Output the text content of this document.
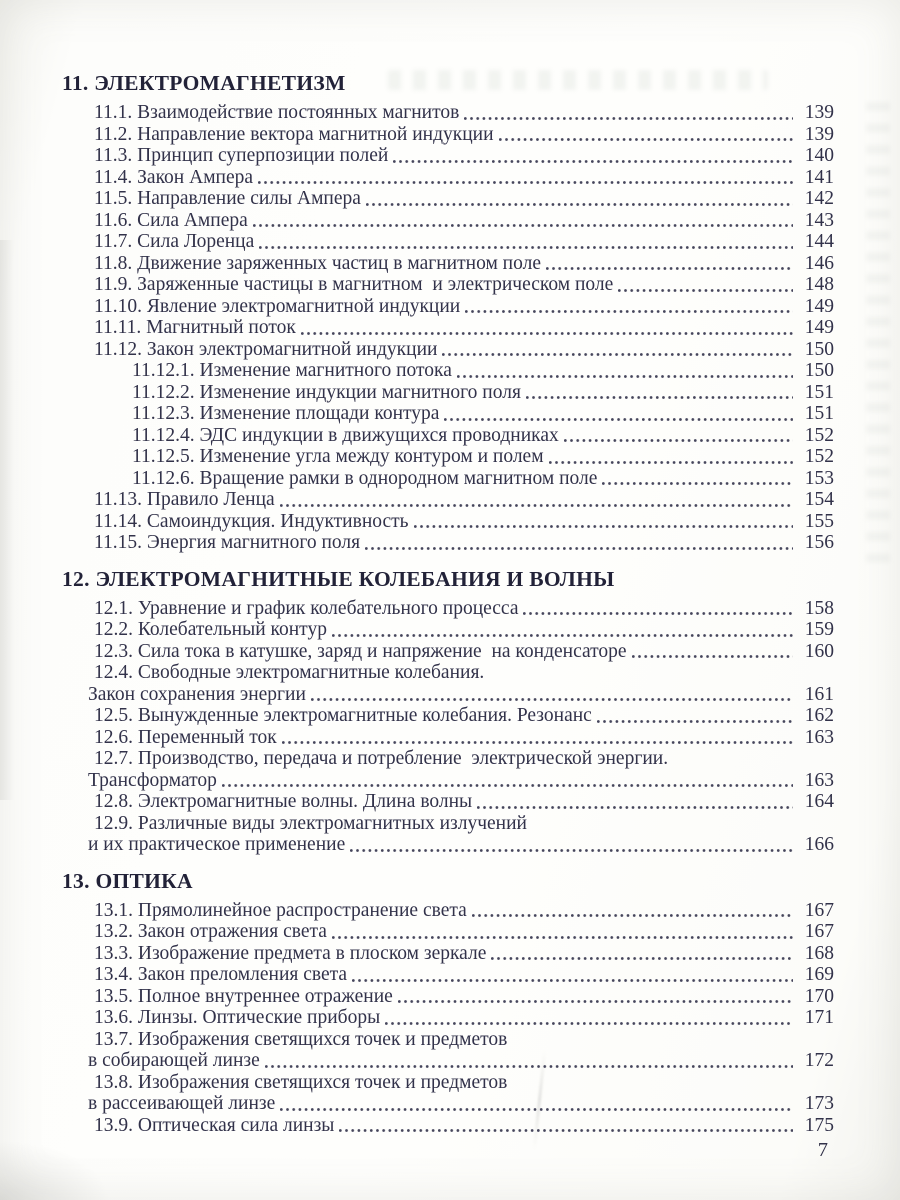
11. ЭЛЕКТРОМАГНЕТИЗМ
11.1. Взаимодействие постоянных магнитов	139
11.2. Направление вектора магнитной индукции	139
11.3. Принцип суперпозиции полей	140
11.4. Закон Ампера	141
11.5. Направление силы Ампера	142
11.6. Сила Ампера	143
11.7. Сила Лоренца	144
11.8. Движение заряженных частиц в магнитном поле	146
11.9. Заряженные частицы в магнитном  и электрическом поле	148
11.10. Явление электромагнитной индукции	149
11.11. Магнитный поток	149
11.12. Закон электромагнитной индукции	150
11.12.1. Изменение магнитного потока	150
11.12.2. Изменение индукции магнитного поля	151
11.12.3. Изменение площади контура	151
11.12.4. ЭДС индукции в движущихся проводниках	152
11.12.5. Изменение угла между контуром и полем	152
11.12.6. Вращение рамки в однородном магнитном поле	153
11.13. Правило Ленца	154
11.14. Самоиндукция. Индуктивность	155
11.15. Энергия магнитного поля	156
12. ЭЛЕКТРОМАГНИТНЫЕ КОЛЕБАНИЯ И ВОЛНЫ
12.1. Уравнение и график колебательного процесса	158
12.2. Колебательный контур	159
12.3. Сила тока в катушке, заряд и напряжение  на конденсаторе	160
12.4. Свободные электромагнитные колебания.
Закон сохранения энергии	161
12.5. Вынужденные электромагнитные колебания. Резонанс	162
12.6. Переменный ток	163
12.7. Производство, передача и потребление  электрической энергии.
Трансформатор	163
12.8. Электромагнитные волны. Длина волны	164
12.9. Различные виды электромагнитных излучений
и их практическое применение	166
13. ОПТИКА
13.1. Прямолинейное распространение света	167
13.2. Закон отражения света	167
13.3. Изображение предмета в плоском зеркале	168
13.4. Закон преломления света	169
13.5. Полное внутреннее отражение	170
13.6. Линзы. Оптические приборы	171
13.7. Изображения светящихся точек и предметов
в собирающей линзе	172
13.8. Изображения светящихся точек и предметов
в рассеивающей линзе	173
13.9. Оптическая сила линзы	175
7
